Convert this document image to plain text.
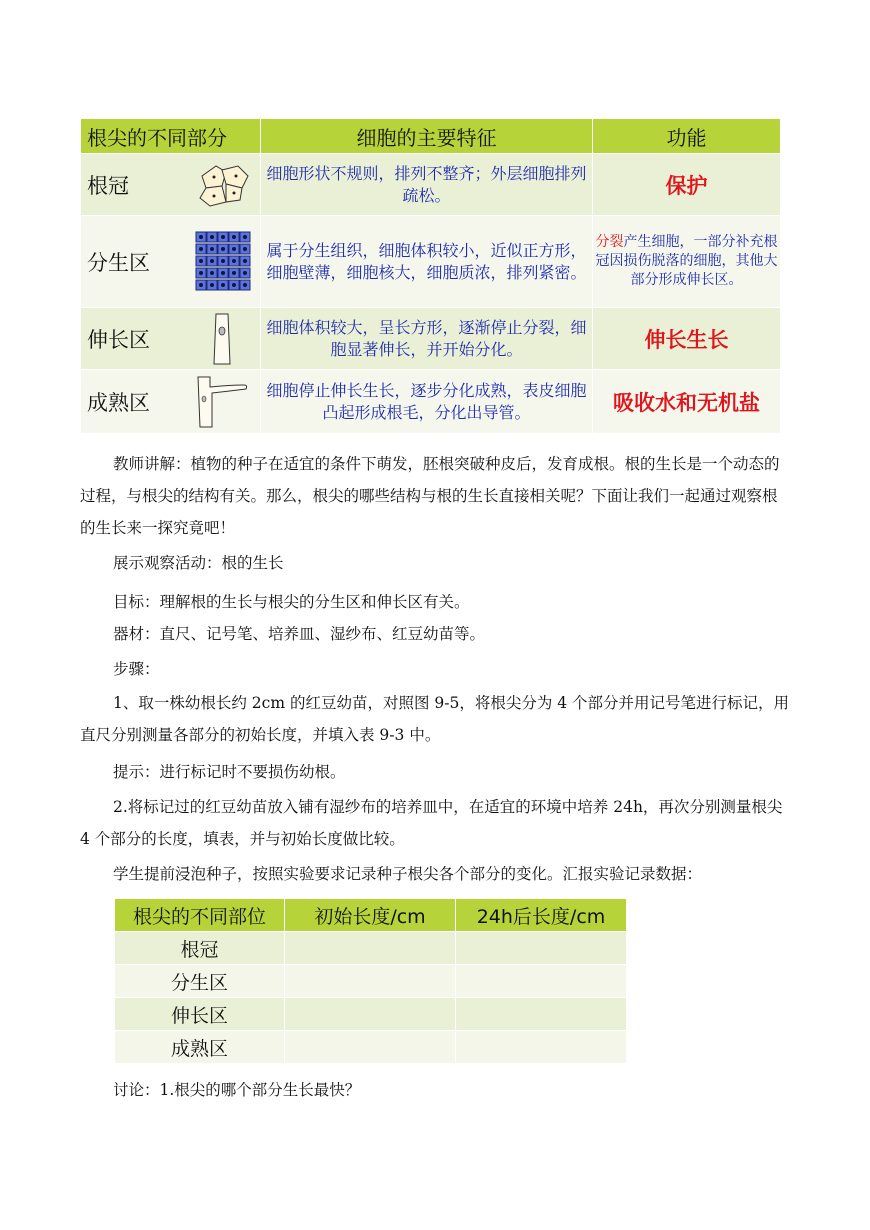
根尖的不同部分	细胞的主要特征	功能

根冠	细胞形状不规则，排列不整齐；外层细胞排列疏松。	保护

分生区	属于分生组织，细胞体积较小，近似正方形，细胞壁薄，细胞核大，细胞质浓，排列紧密。	分裂产生细胞，一部分补充根冠因损伤脱落的细胞，其他大部分形成伸长区。

伸长区	细胞体积较大，呈长方形，逐渐停止分裂，细胞显著伸长，并开始分化。	伸长生长

成熟区	细胞停止伸长生长，逐步分化成熟，表皮细胞凸起形成根毛，分化出导管。	吸收水和无机盐

教师讲解：植物的种子在适宜的条件下萌发，胚根突破种皮后，发育成根。根的生长是一个动态的过程，与根尖的结构有关。那么，根尖的哪些结构与根的生长直接相关呢？下面让我们一起通过观察根的生长来一探究竟吧！

展示观察活动：根的生长

目标：理解根的生长与根尖的分生区和伸长区有关。

器材：直尺、记号笔、培养皿、湿纱布、红豆幼苗等。

步骤：

1、取一株幼根长约 2cm 的红豆幼苗，对照图 9-5，将根尖分为 4 个部分并用记号笔进行标记，用直尺分别测量各部分的初始长度，并填入表 9-3 中。

提示：进行标记时不要损伤幼根。

2.将标记过的红豆幼苗放入铺有湿纱布的培养皿中，在适宜的环境中培养 24h，再次分别测量根尖 4 个部分的长度，填表，并与初始长度做比较。

学生提前浸泡种子，按照实验要求记录种子根尖各个部分的变化。汇报实验记录数据：

根尖的不同部位	初始长度/cm	24h后长度/cm
根冠		
分生区		
伸长区		
成熟区		

讨论：1.根尖的哪个部分生长最快？
